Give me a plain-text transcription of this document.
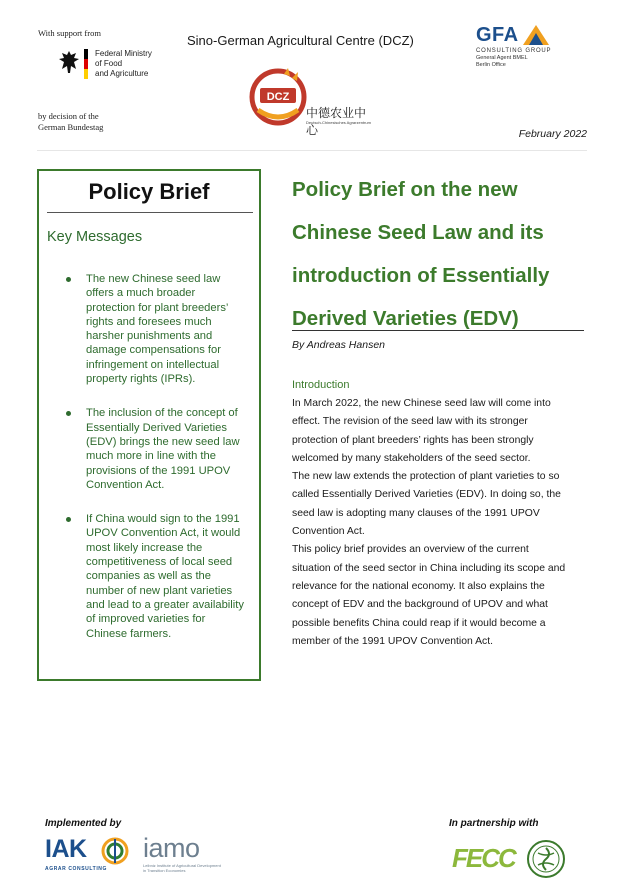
With support from
Federal Ministry
of Food
and Agriculture
by decision of the
German Bundestag
Sino-German Agricultural Centre (DCZ)
DCZ
中德农业中心
Deutsch-Chinesisches Agrarzentrum
GFA
CONSULTING GROUP
General Agent BMEL
Berlin Office
February 2022
Policy Brief
Key Messages
The new Chinese seed law
offers a much broader
protection for plant breeders’
rights and foresees much
harsher punishments and
damage compensations for
infringement on intellectual
property rights (IPRs).
The inclusion of the concept of
Essentially Derived Varieties
(EDV) brings the new seed law
much more in line with the
provisions of the 1991 UPOV
Convention Act.
If China would sign to the 1991
UPOV Convention Act, it would
most likely increase the
competitiveness of local seed
companies as well as the
number of new plant varieties
and lead to a greater availability
of improved varieties for
Chinese farmers.
Policy Brief on the new
Chinese Seed Law and its
introduction of Essentially
Derived Varieties (EDV)
By Andreas Hansen
Introduction
In March 2022, the new Chinese seed law will come into
effect. The revision of the seed law with its stronger
protection of plant breeders’ rights has been strongly
welcomed by many stakeholders of the seed sector.
The new law extends the protection of plant varieties to so
called Essentially Derived Varieties (EDV). In doing so, the
seed law is adopting many clauses of the 1991 UPOV
Convention Act.
This policy brief provides an overview of the current
situation of the seed sector in China including its scope and
relevance for the national economy. It also explains the
concept of EDV and the background of UPOV and what
possible benefits China could reap if it would become a
member of the 1991 UPOV Convention Act.
Implemented by
IAK
AGRAR CONSULTING
iamo
Leibniz Institute of Agricultural Development
in Transition Economies
In partnership with
FECC
